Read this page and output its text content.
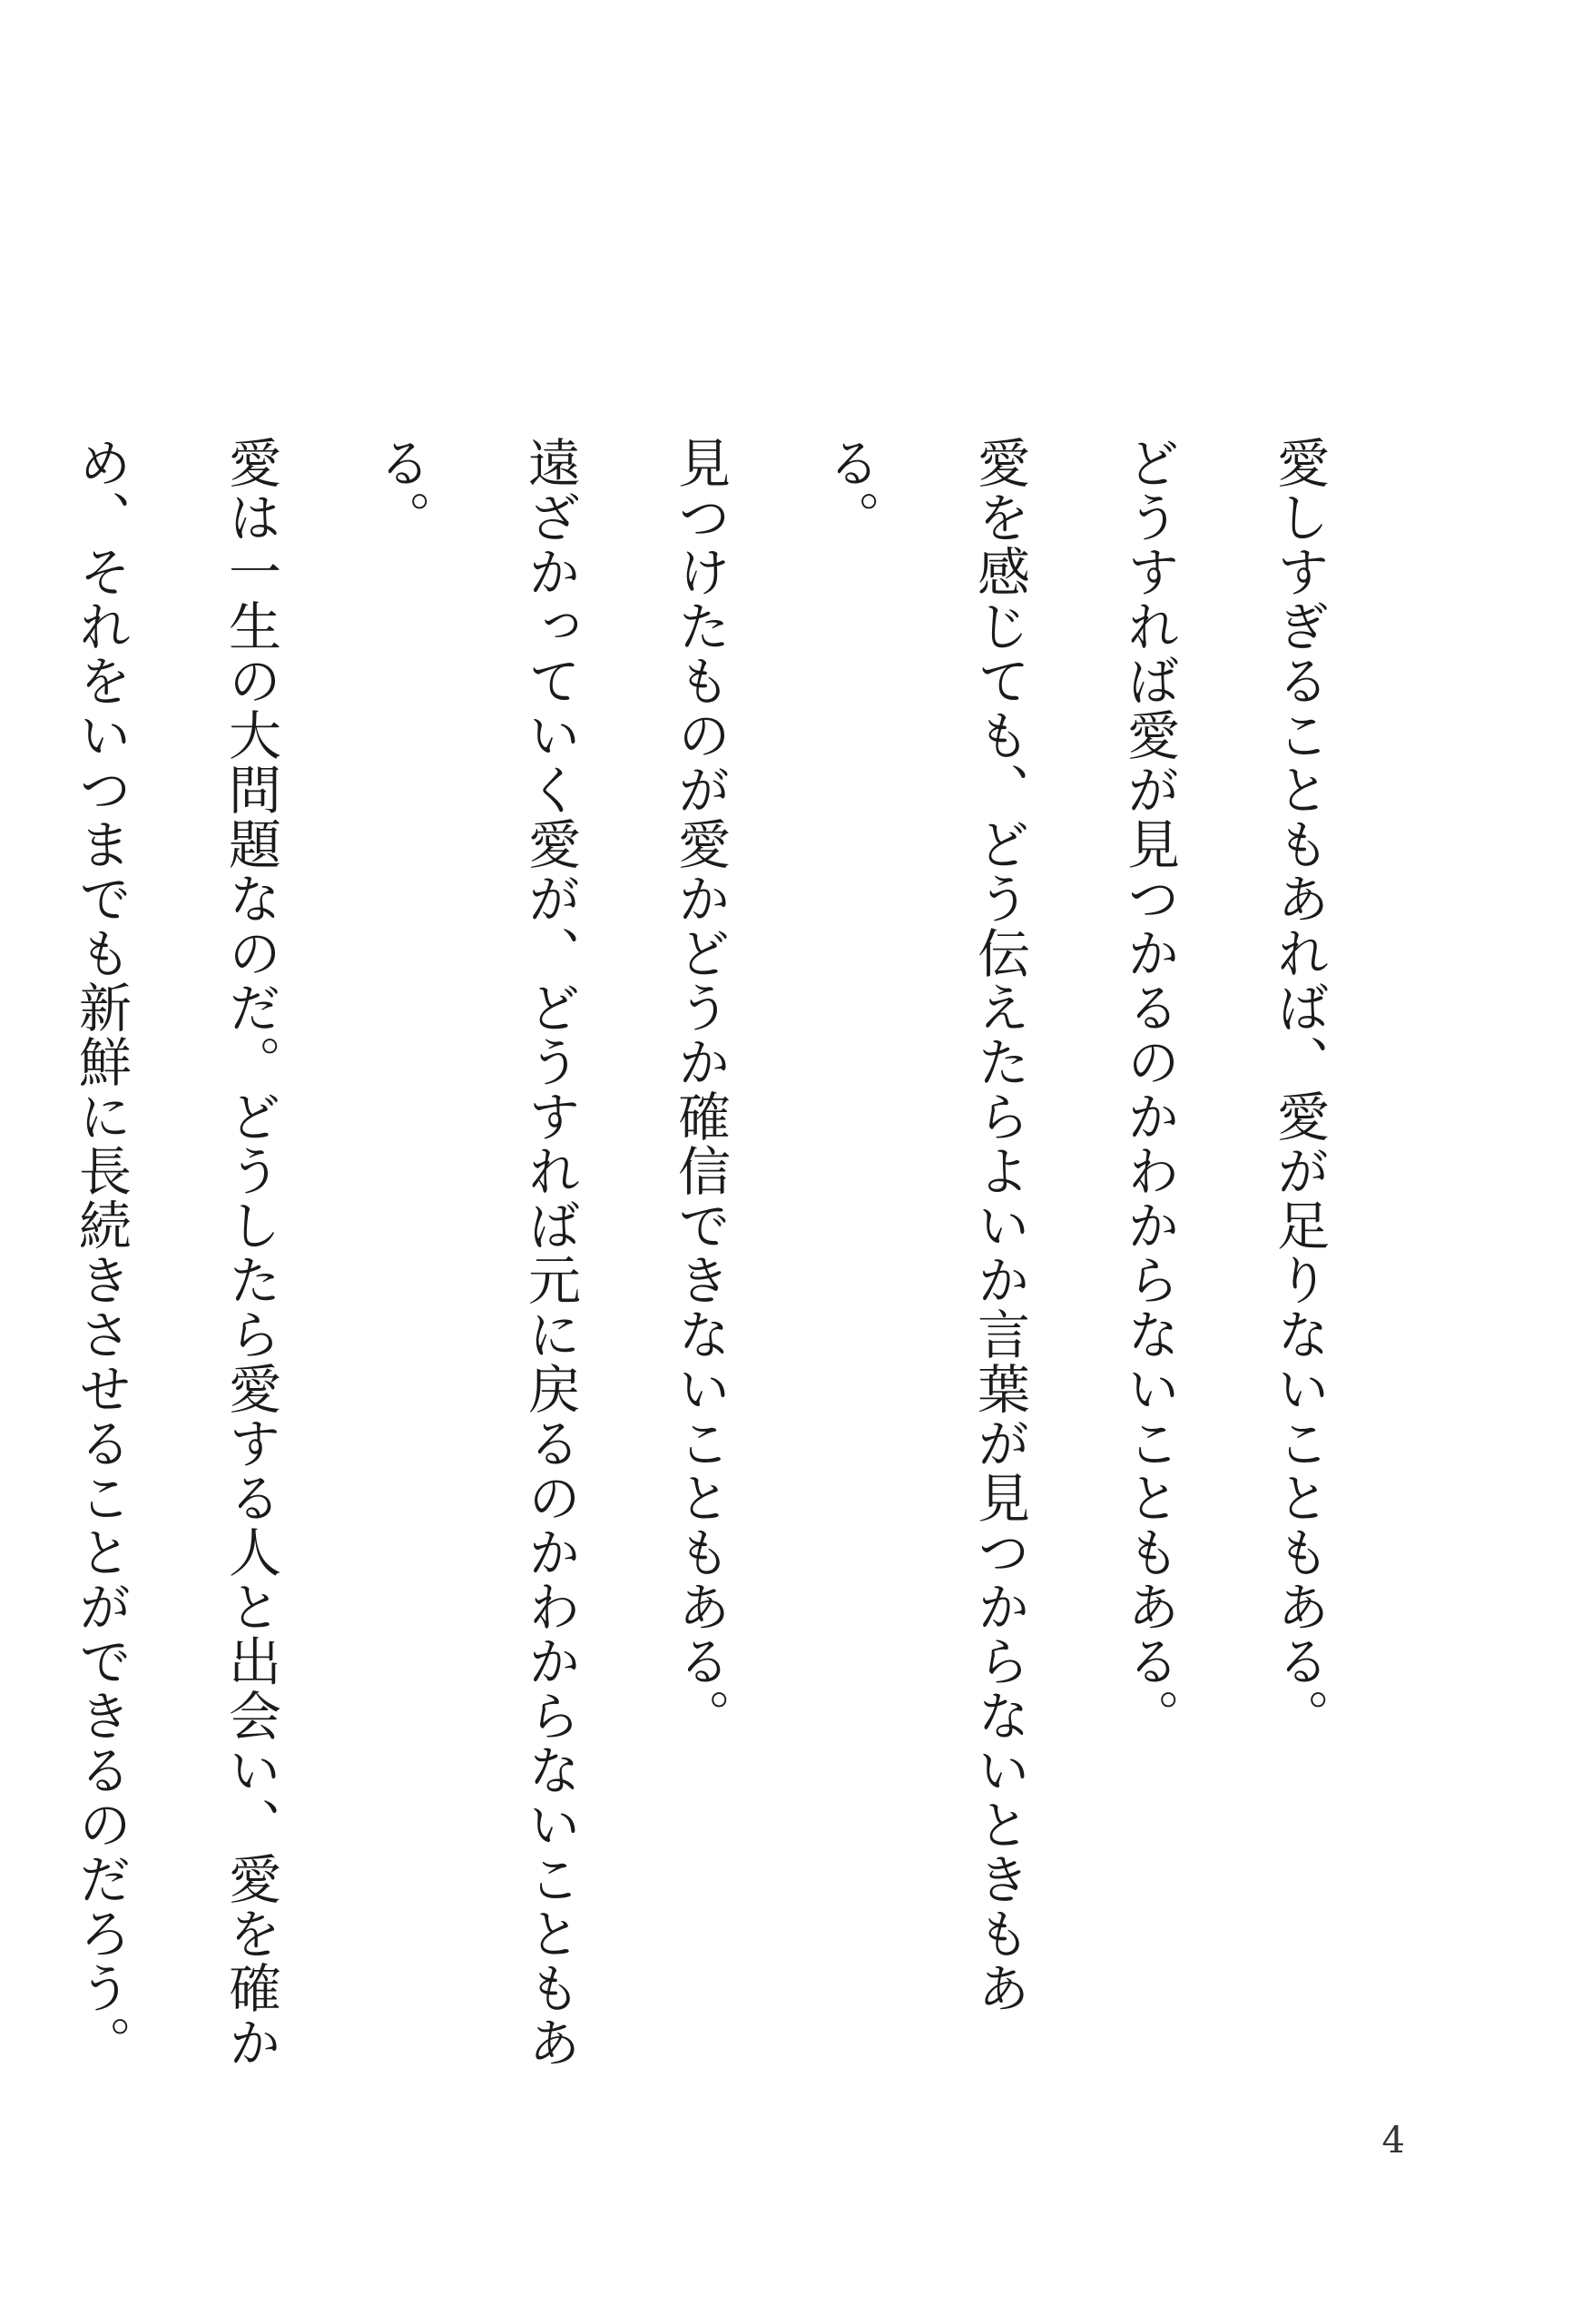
愛しすぎることもあれば、愛が足りないこともある。

どうすれば愛が見つかるのかわからないこともある。

愛を感じても、どう伝えたらよいか言葉が見つからないときもある。

見つけたものが愛かどうか確信できないこともある。

遠ざかっていく愛が、どうすれば元に戻るのかわからないこともある。

愛は一生の大問題なのだ。どうしたら愛する人と出会い、愛を確かめ、それをいつまでも新鮮に長続きさせることができるのだろう。

4
